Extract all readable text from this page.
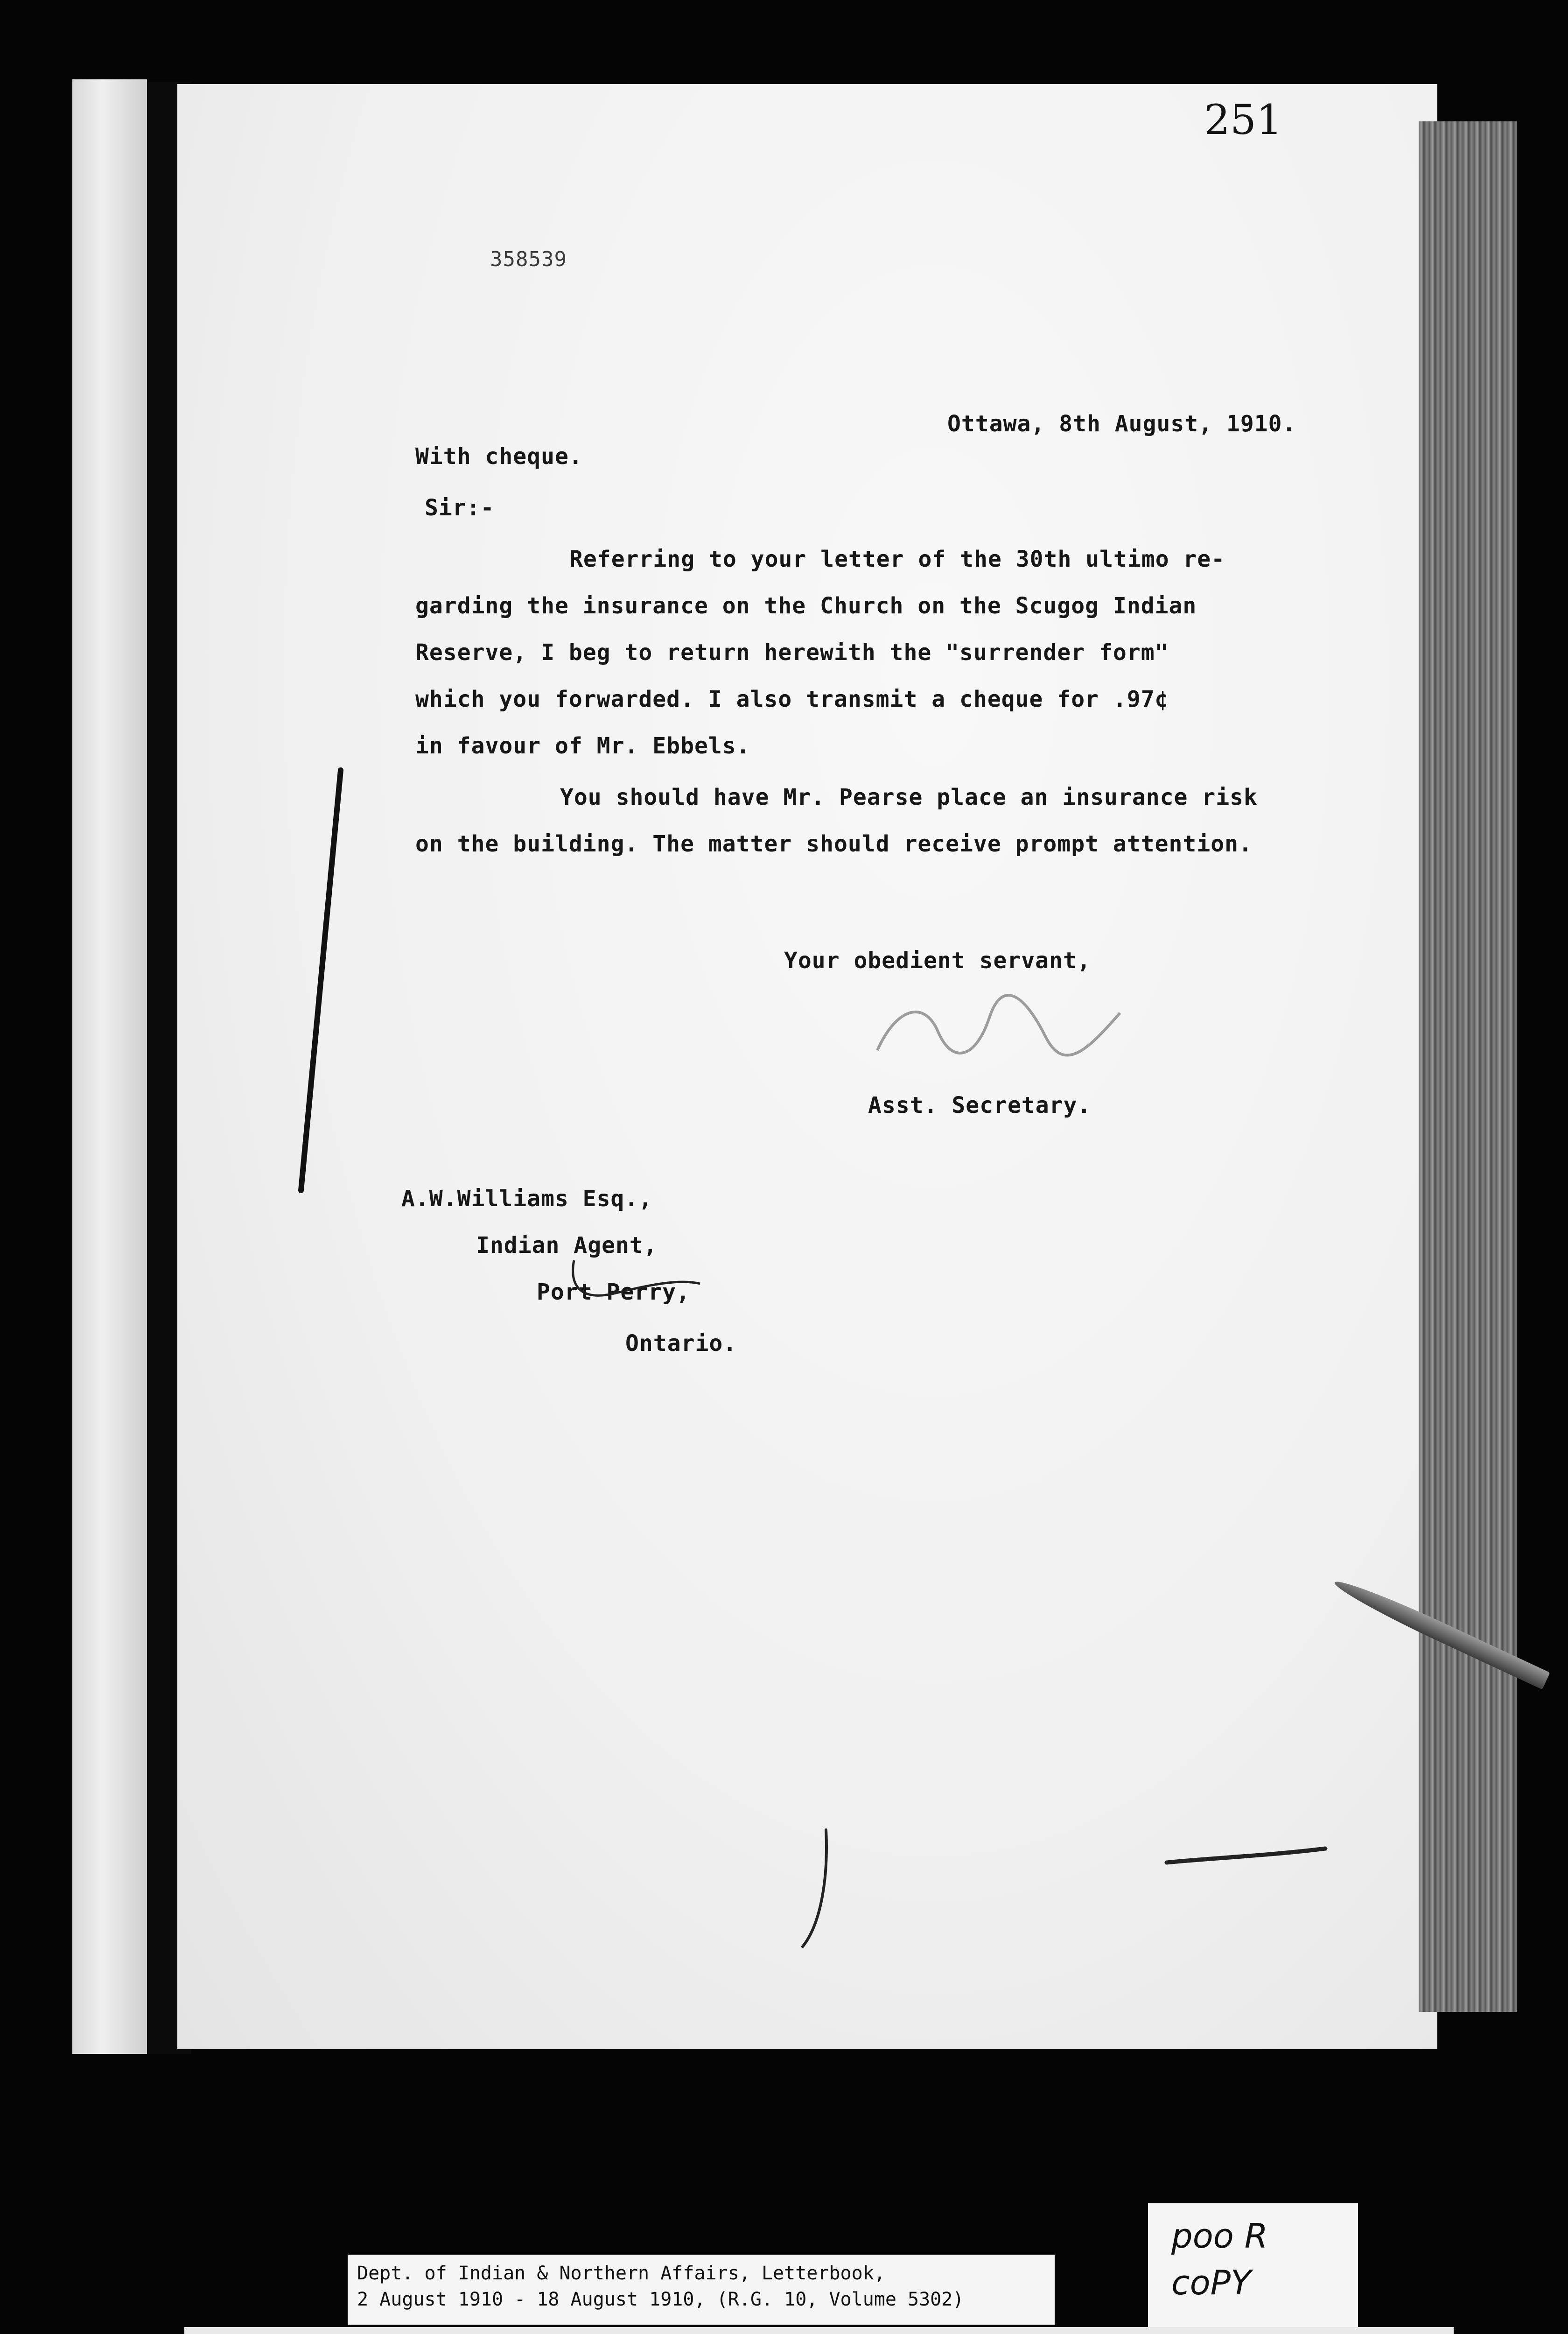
251
358539
Ottawa, 8th August, 1910.
With cheque.
Sir:-
Referring to your letter of the 30th ultimo re-
garding the insurance on the Church on the Scugog Indian
Reserve, I beg to return herewith the "surrender form"
which you forwarded. I also transmit a cheque for .97¢
in favour of Mr. Ebbels.
You should have Mr. Pearse place an insurance risk
on the building. The matter should receive prompt attention.
Your obedient servant,
Asst. Secretary.
A.W.Williams Esq.,
Indian Agent,
Port Perry,
Ontario.
Dept. of Indian & Northern Affairs, Letterbook,
2 August 1910 - 18 August 1910, (R.G. 10, Volume 5302)
poo R
coPY
